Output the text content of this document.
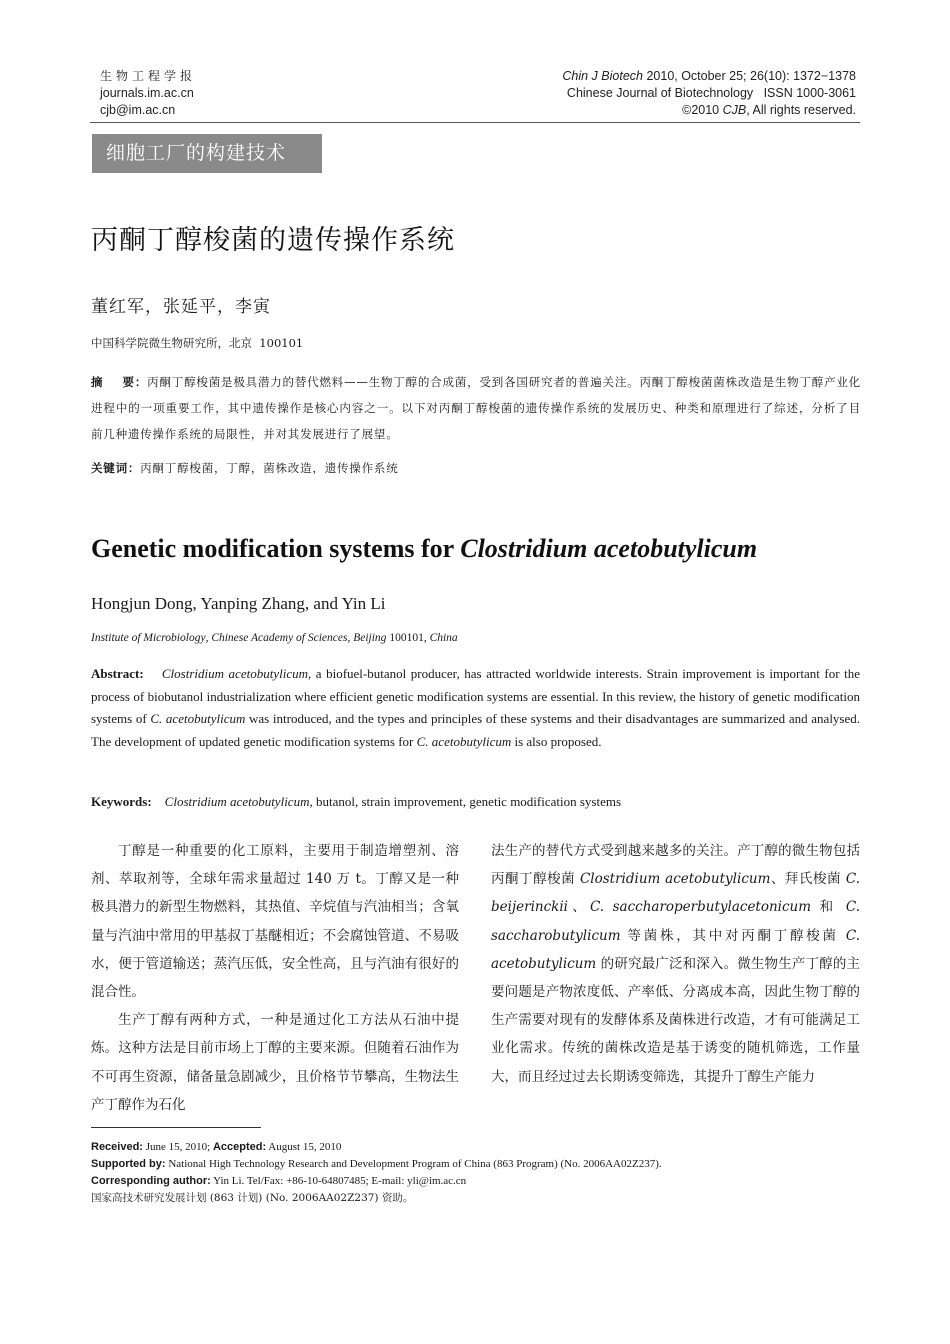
生物工程学报
journals.im.ac.cn
cjb@im.ac.cn
Chin J Biotech 2010, October 25; 26(10): 1372−1378
Chinese Journal of Biotechnology   ISSN 1000-3061
©2010 CJB, All rights reserved.
细胞工厂的构建技术
丙酮丁醇梭菌的遗传操作系统
董红军，张延平，李寅
中国科学院微生物研究所，北京  100101
摘    要：丙酮丁醇梭菌是极具潜力的替代燃料——生物丁醇的合成菌，受到各国研究者的普遍关注。丙酮丁醇梭菌菌株改造是生物丁醇产业化进程中的一项重要工作，其中遗传操作是核心内容之一。以下对丙酮丁醇梭菌的遗传操作系统的发展历史、种类和原理进行了综述，分析了目前几种遗传操作系统的局限性，并对其发展进行了展望。
关键词：丙酮丁醇梭菌，丁醇，菌株改造，遗传操作系统
Genetic modification systems for Clostridium acetobutylicum
Hongjun Dong, Yanping Zhang, and Yin Li
Institute of Microbiology, Chinese Academy of Sciences, Beijing 100101, China
Abstract: Clostridium acetobutylicum, a biofuel-butanol producer, has attracted worldwide interests. Strain improvement is important for the process of biobutanol industrialization where efficient genetic modification systems are essential. In this review, the history of genetic modification systems of C. acetobutylicum was introduced, and the types and principles of these systems and their disadvantages are summarized and analysed. The development of updated genetic modification systems for C. acetobutylicum is also proposed.
Keywords: Clostridium acetobutylicum, butanol, strain improvement, genetic modification systems

丁醇是一种重要的化工原料，主要用于制造增塑剂、溶剂、萃取剂等，全球年需求量超过 140 万 t。丁醇又是一种极具潜力的新型生物燃料，其热值、辛烷值与汽油相当；含氧量与汽油中常用的甲基叔丁基醚相近；不会腐蚀管道、不易吸水，便于管道输送；蒸汽压低，安全性高，且与汽油有很好的混合性。

生产丁醇有两种方式，一种是通过化工方法从石油中提炼。这种方法是目前市场上丁醇的主要来源。但随着石油作为不可再生资源，储备量急剧减少，且价格节节攀高，生物法生产丁醇作为石化

法生产的替代方式受到越来越多的关注。产丁醇的微生物包括丙酮丁醇梭菌 Clostridium acetobutylicum、拜氏梭菌 C. beijerinckii、C. saccharoperbutylacetonicum 和 C. saccharobutylicum 等菌株，其中对丙酮丁醇梭菌 C. acetobutylicum 的研究最广泛和深入。微生物生产丁醇的主要问题是产物浓度低、产率低、分离成本高，因此生物丁醇的生产需要对现有的发酵体系及菌株进行改造，才有可能满足工业化需求。传统的菌株改造是基于诱变的随机筛选，工作量大，而且经过过去长期诱变筛选，其提升丁醇生产能力

Received: June 15, 2010; Accepted: August 15, 2010
Supported by: National High Technology Research and Development Program of China (863 Program) (No. 2006AA02Z237).
Corresponding author: Yin Li. Tel/Fax: +86-10-64807485; E-mail: yli@im.ac.cn
国家高技术研究发展计划 (863 计划) (No. 2006AA02Z237) 资助。
